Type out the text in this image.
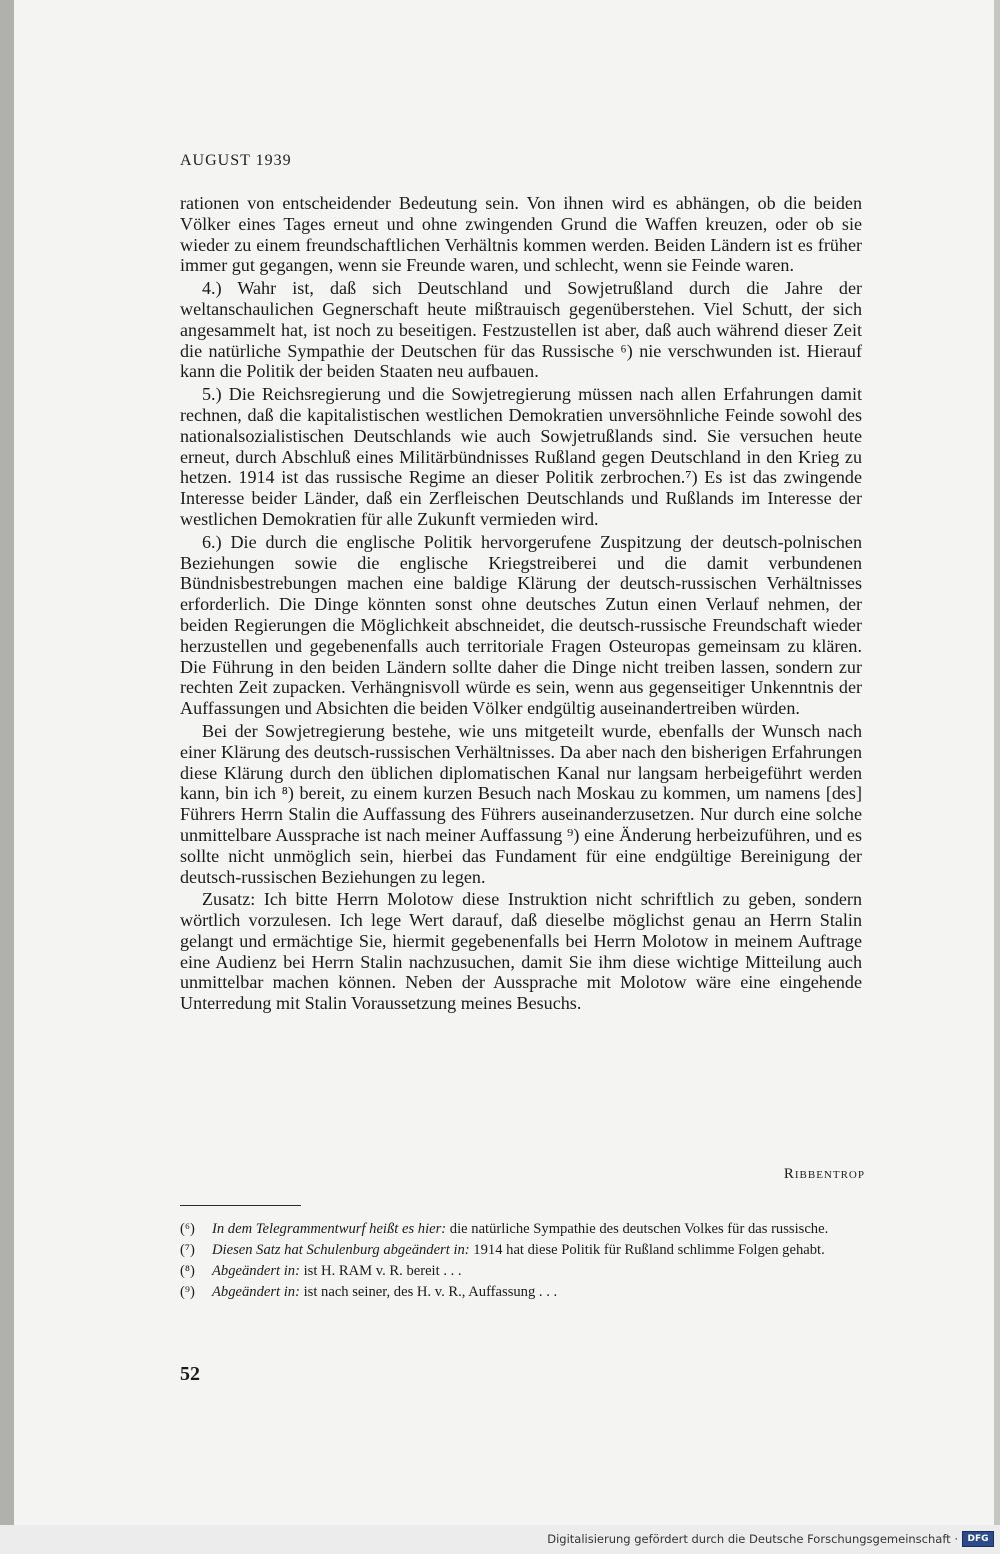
AUGUST 1939

rationen von entscheidender Bedeutung sein. Von ihnen wird es abhängen, ob die beiden Völker eines Tages erneut und ohne zwingenden Grund die Waffen kreuzen, oder ob sie wieder zu einem freundschaftlichen Verhältnis kommen werden. Beiden Ländern ist es früher immer gut gegangen, wenn sie Freunde waren, und schlecht, wenn sie Feinde waren.

4.) Wahr ist, daß sich Deutschland und Sowjetrußland durch die Jahre der weltanschaulichen Gegnerschaft heute mißtrauisch gegenüberstehen. Viel Schutt, der sich angesammelt hat, ist noch zu beseitigen. Festzustellen ist aber, daß auch während dieser Zeit die natürliche Sympathie der Deutschen für das Russische ⁶) nie verschwunden ist. Hierauf kann die Politik der beiden Staaten neu aufbauen.

5.) Die Reichsregierung und die Sowjetregierung müssen nach allen Erfahrungen damit rechnen, daß die kapitalistischen westlichen Demokratien unversöhnliche Feinde sowohl des nationalsozialistischen Deutschlands wie auch Sowjetrußlands sind. Sie versuchen heute erneut, durch Abschluß eines Militärbündnisses Rußland gegen Deutschland in den Krieg zu hetzen. 1914 ist das russische Regime an dieser Politik zerbrochen.⁷) Es ist das zwingende Interesse beider Länder, daß ein Zerfleischen Deutschlands und Rußlands im Interesse der westlichen Demokratien für alle Zukunft vermieden wird.

6.) Die durch die englische Politik hervorgerufene Zuspitzung der deutsch-polnischen Beziehungen sowie die englische Kriegstreiberei und die damit verbundenen Bündnisbestrebungen machen eine baldige Klärung der deutsch-russischen Verhältnisses erforderlich. Die Dinge könnten sonst ohne deutsches Zutun einen Verlauf nehmen, der beiden Regierungen die Möglichkeit abschneidet, die deutsch-russische Freundschaft wieder herzustellen und gegebenenfalls auch territoriale Fragen Osteuropas gemeinsam zu klären. Die Führung in den beiden Ländern sollte daher die Dinge nicht treiben lassen, sondern zur rechten Zeit zupacken. Verhängnisvoll würde es sein, wenn aus gegenseitiger Unkenntnis der Auffassungen und Absichten die beiden Völker endgültig auseinandertreiben würden.

Bei der Sowjetregierung bestehe, wie uns mitgeteilt wurde, ebenfalls der Wunsch nach einer Klärung des deutsch-russischen Verhältnisses. Da aber nach den bisherigen Erfahrungen diese Klärung durch den üblichen diplomatischen Kanal nur langsam herbeigeführt werden kann, bin ich ⁸) bereit, zu einem kurzen Besuch nach Moskau zu kommen, um namens [des] Führers Herrn Stalin die Auffassung des Führers auseinanderzusetzen. Nur durch eine solche unmittelbare Aussprache ist nach meiner Auffassung ⁹) eine Änderung herbeizuführen, und es sollte nicht unmöglich sein, hierbei das Fundament für eine endgültige Bereinigung der deutsch-russischen Beziehungen zu legen.

Zusatz: Ich bitte Herrn Molotow diese Instruktion nicht schriftlich zu geben, sondern wörtlich vorzulesen. Ich lege Wert darauf, daß dieselbe möglichst genau an Herrn Stalin gelangt und ermächtige Sie, hiermit gegebenenfalls bei Herrn Molotow in meinem Auftrage eine Audienz bei Herrn Stalin nachzusuchen, damit Sie ihm diese wichtige Mitteilung auch unmittelbar machen können. Neben der Aussprache mit Molotow wäre eine eingehende Unterredung mit Stalin Voraussetzung meines Besuchs.

Ribbentrop
(⁶)	In dem Telegrammentwurf heißt es hier: die natürliche Sympathie des deutschen Volkes für das russische.
(⁷)	Diesen Satz hat Schulenburg abgeändert in: 1914 hat diese Politik für Rußland schlimme Folgen gehabt.
(⁸)	Abgeändert in: ist H. RAM v. R. bereit . . .
(⁹)	Abgeändert in: ist nach seiner, des H. v. R., Auffassung . . .
52
Digitalisierung gefördert durch die Deutsche Forschungsgemeinschaft ·	DFG
